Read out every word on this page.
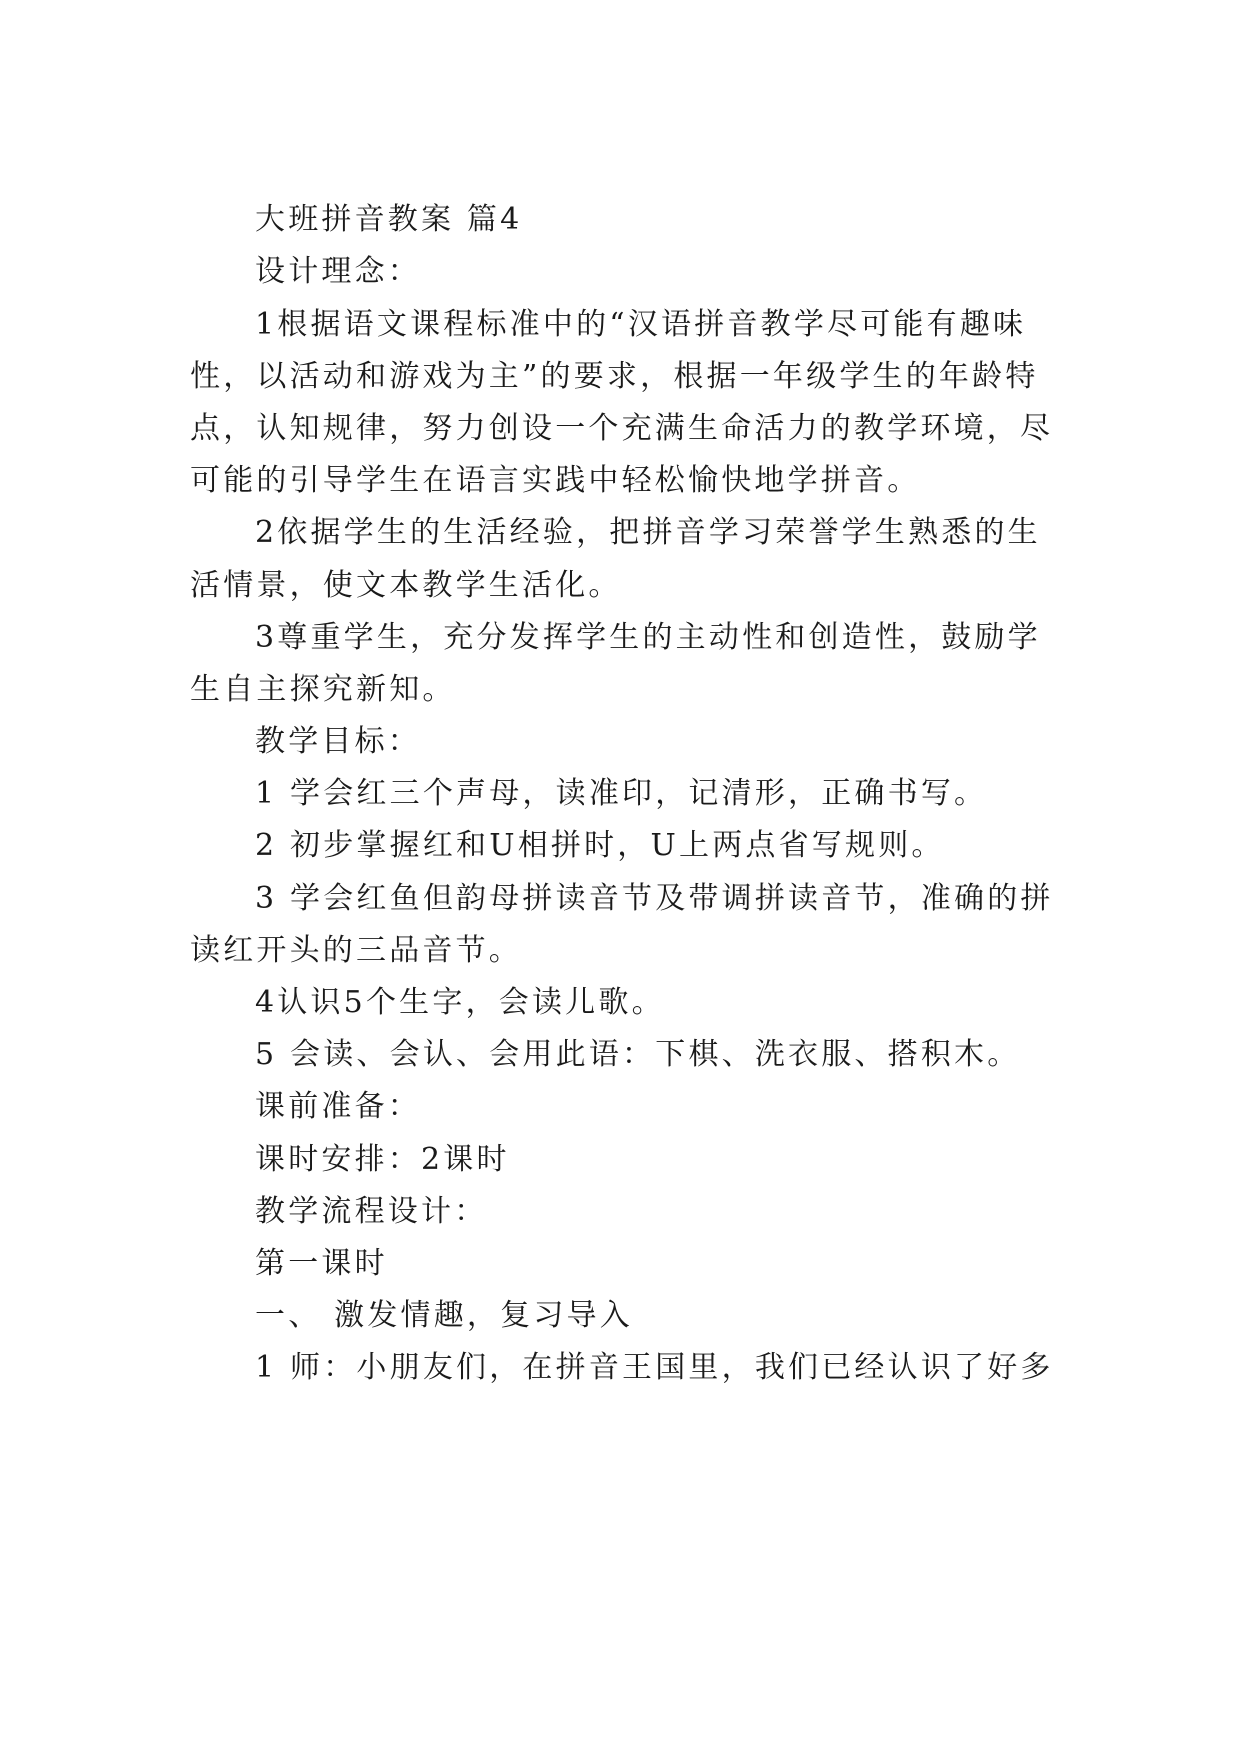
大班拼音教案 篇4
设计理念：
1根据语文课程标准中的“汉语拼音教学尽可能有趣味
性，以活动和游戏为主”的要求，根据一年级学生的年龄特
点，认知规律，努力创设一个充满生命活力的教学环境，尽
可能的引导学生在语言实践中轻松愉快地学拼音。
2依据学生的生活经验，把拼音学习荣誉学生熟悉的生
活情景，使文本教学生活化。
3尊重学生，充分发挥学生的主动性和创造性，鼓励学
生自主探究新知。
教学目标：
1 学会红三个声母，读准印，记清形，正确书写。
2 初步掌握红和U相拼时，U上两点省写规则。
3 学会红鱼但韵母拼读音节及带调拼读音节，准确的拼
读红开头的三品音节。
4认识5个生字，会读儿歌。
5 会读、会认、会用此语：下棋、洗衣服、搭积木。
课前准备：
课时安排：2课时
教学流程设计：
第一课时
一、 激发情趣，复习导入
1 师：小朋友们，在拼音王国里，我们已经认识了好多
